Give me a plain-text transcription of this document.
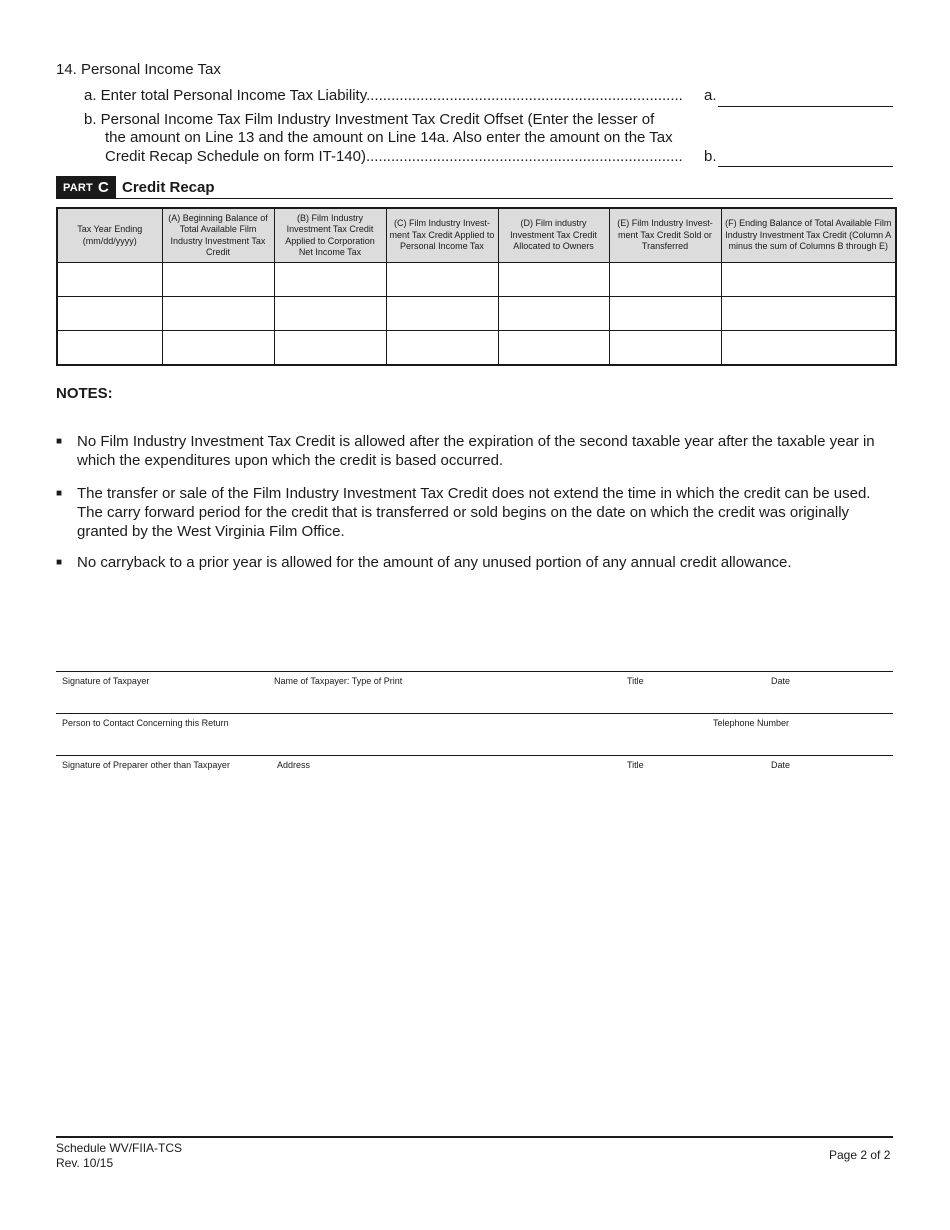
14. Personal Income Tax
a. Enter total Personal Income Tax Liability............................................................................ a.
b. Personal Income Tax Film Industry Investment Tax Credit Offset (Enter the lesser of
the amount on Line 13 and the amount on Line 14a. Also enter the amount on the Tax
Credit Recap Schedule on form IT-140)............................................................................ b.
PART C Credit Recap
Tax Year Ending (mm/dd/yyyy)	(A) Beginning Balance of Total Available Film Industry Investment Tax Credit	(B) Film Industry Investment Tax Credit Applied to Corporation Net Income Tax	(C) Film Industry Invest-ment Tax Credit Applied to Personal Income Tax	(D) Film industry Investment Tax Credit Allocated to Owners	(E) Film Industry Invest-ment Tax Credit Sold or Transferred	(F) Ending Balance of Total Available Film Industry Investment Tax Credit (Column A minus the sum of Columns B through E)

NOTES:
■ No Film Industry Investment Tax Credit is allowed after the expiration of the second taxable year after the taxable year in which the expenditures upon which the credit is based occurred.
■ The transfer or sale of the Film Industry Investment Tax Credit does not extend the time in which the credit can be used. The carry forward period for the credit that is transferred or sold begins on the date on which the credit was originally granted by the West Virginia Film Office.
■ No carryback to a prior year is allowed for the amount of any unused portion of any annual credit allowance.
Signature of Taxpayer	Name of Taxpayer: Type of Print	Title	Date
Person to Contact Concerning this Return	Telephone Number
Signature of Preparer other than Taxpayer	Address	Title	Date
Schedule WV/FIIA-TCS
Rev. 10/15
Page 2 of 2
